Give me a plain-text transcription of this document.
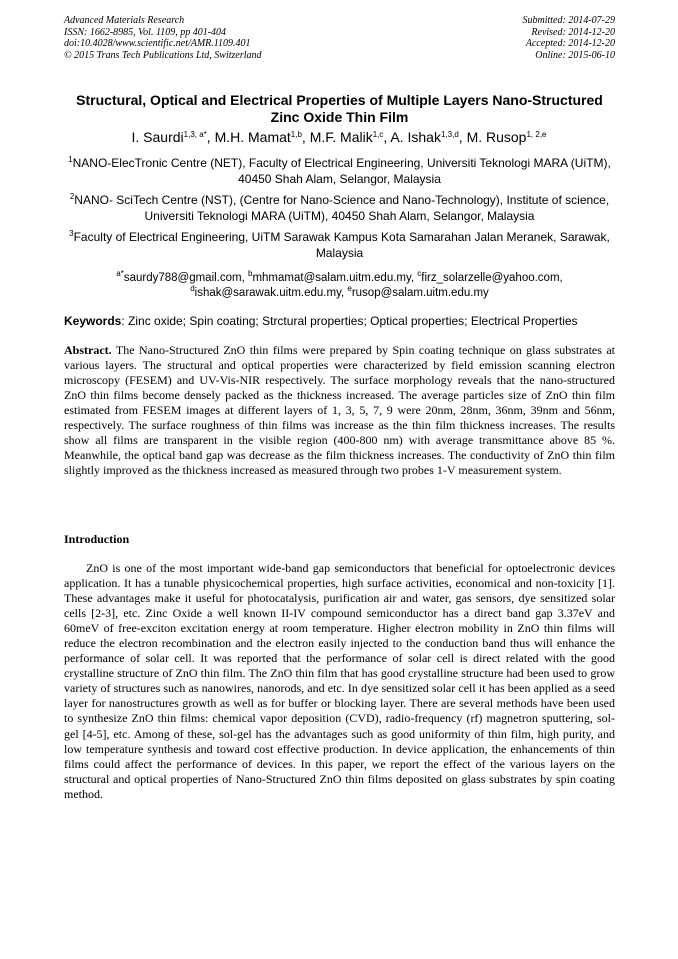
Advanced Materials Research
ISSN: 1662-8985, Vol. 1109, pp 401-404
doi:10.4028/www.scientific.net/AMR.1109.401
© 2015 Trans Tech Publications Ltd, Switzerland
Submitted: 2014-07-29
Revised: 2014-12-20
Accepted: 2014-12-20
Online: 2015-06-10
Structural, Optical and Electrical Properties of Multiple Layers Nano-Structured Zinc Oxide Thin Film
I. Saurdi$^{1,3, a*}$, M.H. Mamat$^{1,b}$, M.F. Malik$^{1,c}$, A. Ishak$^{1,3,d}$, M. Rusop$^{1, 2,e}$
$^1$NANO-ElecTronic Centre (NET), Faculty of Electrical Engineering, Universiti Teknologi MARA (UiTM), 40450 Shah Alam, Selangor, Malaysia
$^2$NANO- SciTech Centre (NST), (Centre for Nano-Science and Nano-Technology), Institute of science, Universiti Teknologi MARA (UiTM), 40450 Shah Alam, Selangor, Malaysia
$^3$Faculty of Electrical Engineering, UiTM Sarawak Kampus Kota Samarahan Jalan Meranek, Sarawak, Malaysia
$^{a*}$saurdy788@gmail.com, $^b$mhmamat@salam.uitm.edu.my, $^c$firz_solarzelle@yahoo.com,
$^d$ishak@sarawak.uitm.edu.my, $^e$rusop@salam.uitm.edu.my
Keywords: Zinc oxide; Spin coating; Strctural properties; Optical properties; Electrical Properties
Abstract. The Nano-Structured ZnO thin films were prepared by Spin coating technique on glass substrates at various layers. The structural and optical properties were characterized by field emission scanning electron microscopy (FESEM) and UV-Vis-NIR respectively. The surface morphology reveals that the nano-structured ZnO thin films become densely packed as the thickness increased. The average particles size of ZnO thin film estimated from FESEM images at different layers of 1, 3, 5, 7, 9 were 20nm, 28nm, 36nm, 39nm and 56nm, respectively. The surface roughness of thin films was increase as the thin film thickness increases. The results show all films are transparent in the visible region (400-800 nm) with average transmittance above 85 %. Meanwhile, the optical band gap was decrease as the film thickness increases. The conductivity of ZnO thin film slightly improved as the thickness increased as measured through two probes 1-V measurement system.
Introduction
ZnO is one of the most important wide-band gap semiconductors that beneficial for optoelectronic devices application. It has a tunable physicochemical properties, high surface activities, economical and non-toxicity [1]. These advantages make it useful for photocatalysis, purification air and water, gas sensors, dye sensitized solar cells [2-3], etc. Zinc Oxide a well known II-IV compound semiconductor has a direct band gap 3.37eV and 60meV of free-exciton excitation energy at room temperature. Higher electron mobility in ZnO thin films will reduce the electron recombination and the electron easily injected to the conduction band thus will enhance the performance of solar cell. It was reported that the performance of solar cell is direct related with the good crystalline structure of ZnO thin film. The ZnO thin film that has good crystalline structure had been used to grow variety of structures such as nanowires, nanorods, and etc. In dye sensitized solar cell it has been applied as a seed layer for nanostructures growth as well as for buffer or blocking layer. There are several methods have been used to synthesize ZnO thin films: chemical vapor deposition (CVD), radio-frequency (rf) magnetron sputtering, sol-gel [4-5], etc. Among of these, sol-gel has the advantages such as good uniformity of thin film, high purity, and low temperature synthesis and toward cost effective production. In device application, the enhancements of thin films could affect the performance of devices. In this paper, we report the effect of the various layers on the structural and optical properties of Nano-Structured ZnO thin films deposited on glass substrates by spin coating method.
